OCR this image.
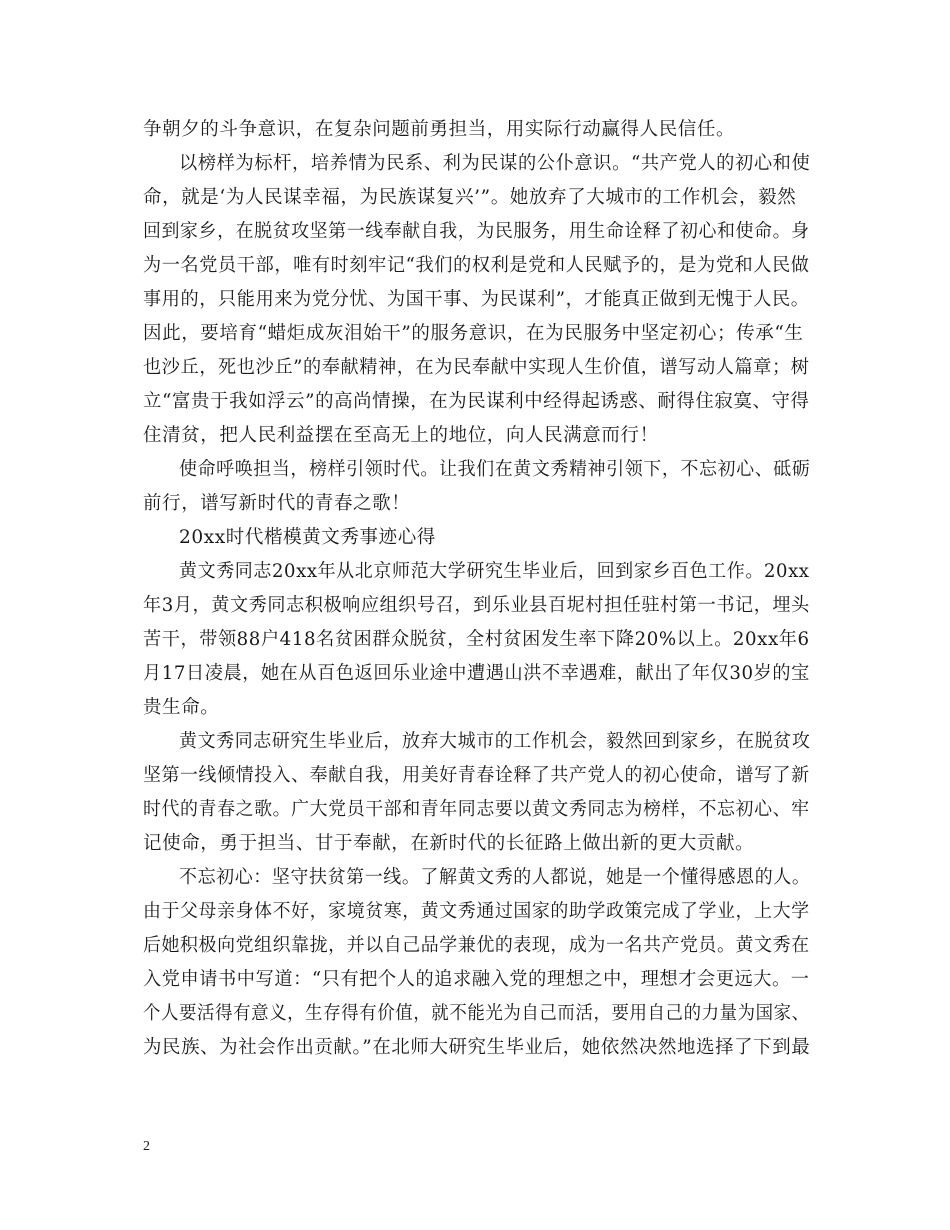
争朝夕的斗争意识，在复杂问题前勇担当，用实际行动赢得人民信任。
以榜样为标杆，培养情为民系、利为民谋的公仆意识。“共产党人的初心和使
命，就是‘为人民谋幸福，为民族谋复兴’”。她放弃了大城市的工作机会，毅然
回到家乡，在脱贫攻坚第一线奉献自我，为民服务，用生命诠释了初心和使命。身
为一名党员干部，唯有时刻牢记“我们的权利是党和人民赋予的，是为党和人民做
事用的，只能用来为党分忧、为国干事、为民谋利”，才能真正做到无愧于人民。
因此，要培育“蜡炬成灰泪始干”的服务意识，在为民服务中坚定初心；传承“生
也沙丘，死也沙丘”的奉献精神，在为民奉献中实现人生价值，谱写动人篇章；树
立“富贵于我如浮云”的高尚情操，在为民谋利中经得起诱惑、耐得住寂寞、守得
住清贫，把人民利益摆在至高无上的地位，向人民满意而行！
使命呼唤担当，榜样引领时代。让我们在黄文秀精神引领下，不忘初心、砥砺
前行，谱写新时代的青春之歌！
20xx时代楷模黄文秀事迹心得
黄文秀同志20xx年从北京师范大学研究生毕业后，回到家乡百色工作。20xx
年3月，黄文秀同志积极响应组织号召，到乐业县百坭村担任驻村第一书记，埋头
苦干，带领88户418名贫困群众脱贫，全村贫困发生率下降20%以上。20xx年6
月17日凌晨，她在从百色返回乐业途中遭遇山洪不幸遇难，献出了年仅30岁的宝
贵生命。
黄文秀同志研究生毕业后，放弃大城市的工作机会，毅然回到家乡，在脱贫攻
坚第一线倾情投入、奉献自我，用美好青春诠释了共产党人的初心使命，谱写了新
时代的青春之歌。广大党员干部和青年同志要以黄文秀同志为榜样，不忘初心、牢
记使命，勇于担当、甘于奉献，在新时代的长征路上做出新的更大贡献。
不忘初心：坚守扶贫第一线。了解黄文秀的人都说，她是一个懂得感恩的人。
由于父母亲身体不好，家境贫寒，黄文秀通过国家的助学政策完成了学业，上大学
后她积极向党组织靠拢，并以自己品学兼优的表现，成为一名共产党员。黄文秀在
入党申请书中写道：“只有把个人的追求融入党的理想之中，理想才会更远大。一
个人要活得有意义，生存得有价值，就不能光为自己而活，要用自己的力量为国家、
为民族、为社会作出贡献。”在北师大研究生毕业后，她依然决然地选择了下到最
2
